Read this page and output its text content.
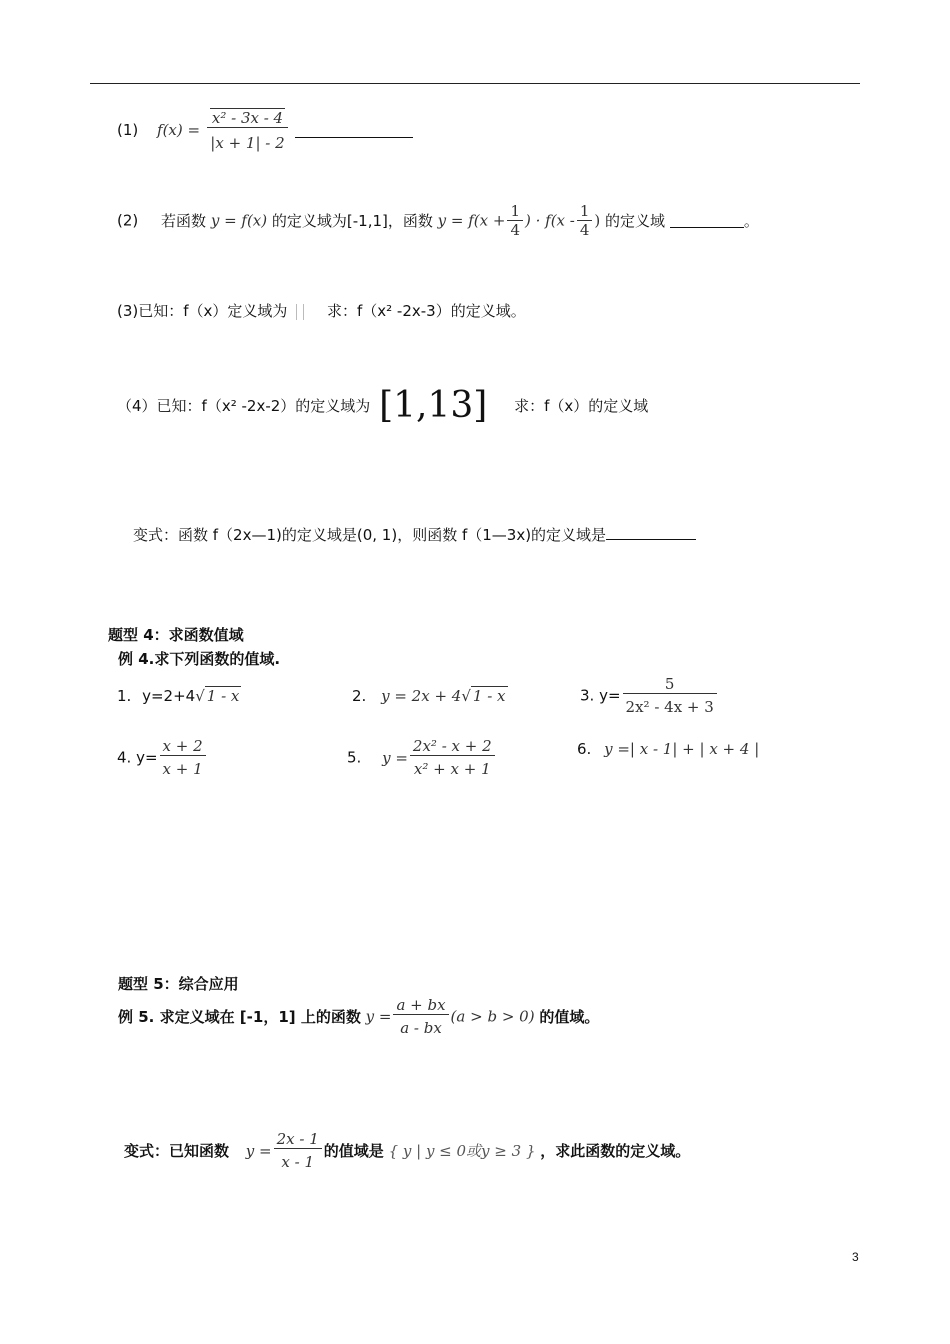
(1) $f(x) = \frac{\text{x² - 3x - 4}}{|x + 1| - 2}$

(2) 若函数 y = f(x) 的定义域为[-1,1]，函数 $y = f(x + \frac{1}{4}$ ) · $f(x - \frac{1}{4}$ ) 的定义域	。
(3)已知：f（x）定义域为	求：f（x² -2x-3）的定义域。
（4）已知：f（x² -2x-2）的定义域为 [1,13] 求：f（x）的定义域
变式：函数 f（2x—1)的定义域是(0, 1)，则函数 f（1—3x)的定义域是
题型 4：求函数值域
例 4.求下列函数的值域.
1. y=2+4√ 1 - x	2. y = 2x + 4√ 1 - x	3. $y= \frac{5}{\text{2x² - 4x + 3}}$
4. $y= \frac{x + 2}{x + 1}$	5. $y = \frac{\text{2x² - x + 2}}{\text{x² + x + 1}}$	6. y =| x - 1| + | x + 4 |
题型 5：综合应用
例 5. 求定义域在 [-1，1] 上的函数 $y = \frac{a + bx}{a - bx} (a > b > 0)$ 的值域。
变式：已知函数 $y = \frac{2x - 1}{x - 1}$ 的值域是 { y | y ≤ 0或y ≥ 3 } ，求此函数的定义域。
3
